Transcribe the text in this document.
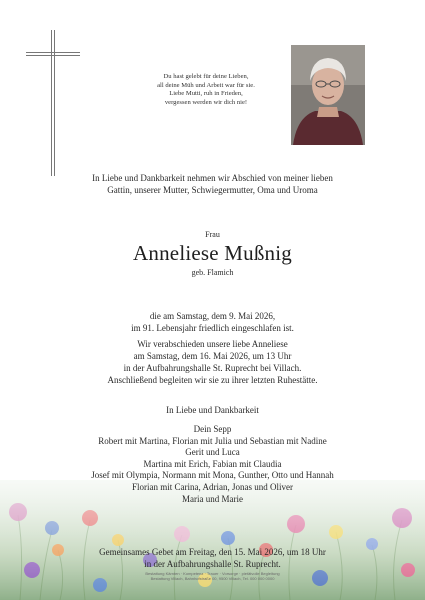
Du hast gelebt für deine Lieben,
all deine Müh und Arbeit war für sie.
Liebe Mutti, ruh in Frieden,
vergessen werden wir dich nie!
In Liebe und Dankbarkeit nehmen wir Abschied von meiner lieben
Gattin, unserer Mutter, Schwiegermutter, Oma und Uroma
Frau
Anneliese Mußnig
geb. Flamich
die am Samstag, dem 9. Mai 2026,
im 91. Lebensjahr friedlich eingeschlafen ist.
Wir verabschieden unsere liebe Anneliese
am Samstag, dem 16. Mai 2026, um 13 Uhr
in der Aufbahrungshalle St. Ruprecht bei Villach.
Anschließend begleiten wir sie zu ihrer letzten Ruhestätte.
In Liebe und Dankbarkeit
Dein Sepp
Robert mit Martina, Florian mit Julia und Sebastian mit Nadine
Gerit und Luca
Martina mit Erich, Fabian mit Claudia
Josef mit Olympia, Normann mit Mona, Gunther, Otto und Hannah
Florian mit Carina, Adrian, Jonas und Oliver
Maria und Marie
Gemeinsames Gebet am Freitag, den 15. Mai 2026, um 18 Uhr
in der Aufbahrungshalle St. Ruprecht.
Bestattung Kärnten · Kompetenz · Trauer · Vorsorge · pietätvolle Begleitung
Bestattung Villach, Bahnhofstraße 00, 9500 Villach, Tel. 000 000 0000
